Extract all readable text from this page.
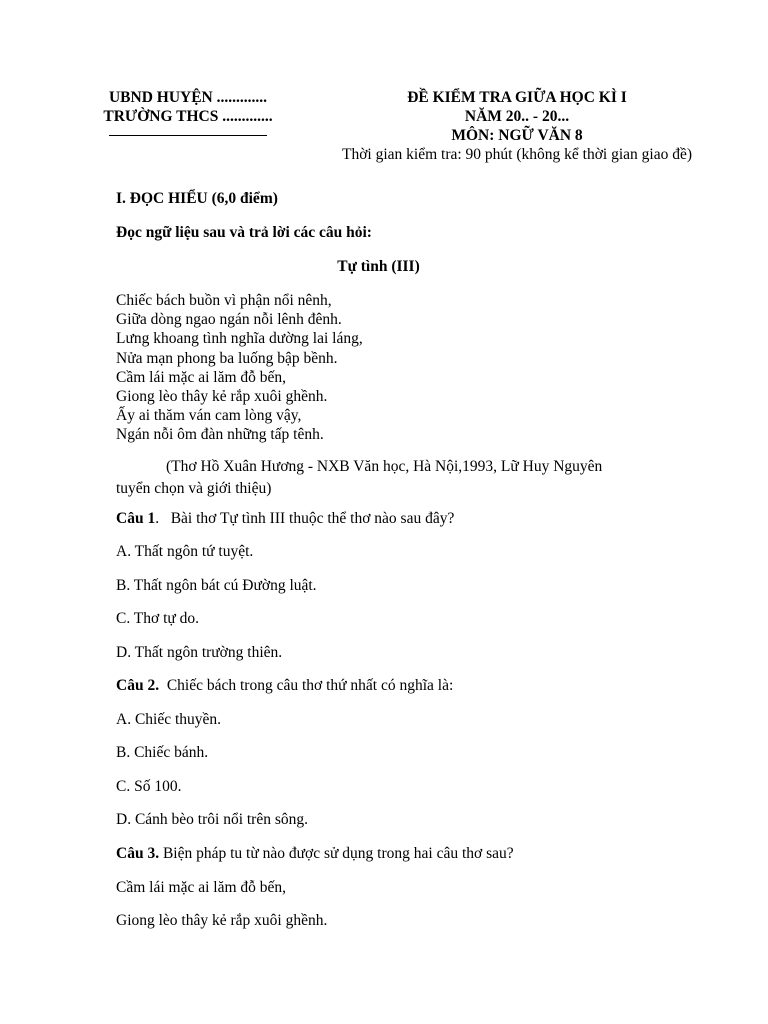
UBND HUYỆN .............
TRƯỜNG THCS .............
ĐỀ KIỂM TRA GIỮA HỌC KÌ I
NĂM 20.. - 20...
MÔN: NGỮ VĂN 8
Thời gian kiểm tra: 90 phút (không kể thời gian giao đề)
I. ĐỌC HIỂU (6,0 điểm)
Đọc ngữ liệu sau và trả lời các câu hỏi:
Tự tình (III)
Chiếc bách buồn vì phận nổi nênh,
Giữa dòng ngao ngán nỗi lênh đênh.
Lưng khoang tình nghĩa dường lai láng,
Nửa mạn phong ba luống bập bềnh.
Cầm lái mặc ai lăm đỗ bến,
Giong lèo thây kẻ rắp xuôi ghềnh.
Ấy ai thăm ván cam lòng vậy,
Ngán nỗi ôm đàn những tấp tênh.
(Thơ Hồ Xuân Hương - NXB Văn học, Hà Nội,1993, Lữ Huy Nguyên
tuyển chọn và giới thiệu)
Câu 1.   Bài thơ Tự tình III thuộc thể thơ nào sau đây?
A. Thất ngôn tứ tuyệt.
B. Thất ngôn bát cú Đường luật.
C. Thơ tự do.
D. Thất ngôn trường thiên.
Câu 2.  Chiếc bách trong câu thơ thứ nhất có nghĩa là:
A. Chiếc thuyền.
B. Chiếc bánh.
C. Số 100.
D. Cánh bèo trôi nổi trên sông.
Câu 3. Biện pháp tu từ nào được sử dụng trong hai câu thơ sau?
Cầm lái mặc ai lăm đỗ bến,
Giong lèo thây kẻ rắp xuôi ghềnh.
